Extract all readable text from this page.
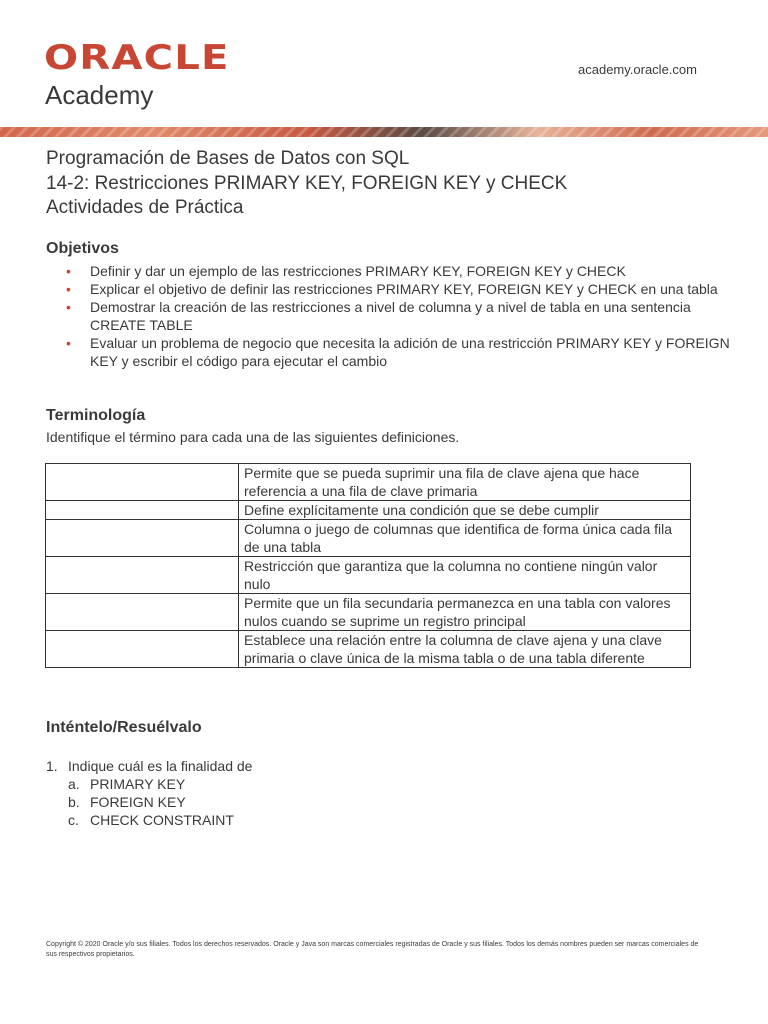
ORACLE
Academy
academy.oracle.com
Programación de Bases de Datos con SQL
14-2: Restricciones PRIMARY KEY, FOREIGN KEY y CHECK
Actividades de Práctica
Objetivos
• Definir y dar un ejemplo de las restricciones PRIMARY KEY, FOREIGN KEY y CHECK
• Explicar el objetivo de definir las restricciones PRIMARY KEY, FOREIGN KEY y CHECK en una tabla
• Demostrar la creación de las restricciones a nivel de columna y a nivel de tabla en una sentencia CREATE TABLE
• Evaluar un problema de negocio que necesita la adición de una restricción PRIMARY KEY y FOREIGN KEY y escribir el código para ejecutar el cambio
Terminología
Identifique el término para cada una de las siguientes definiciones.
	Permite que se pueda suprimir una fila de clave ajena que hace referencia a una fila de clave primaria
	Define explícitamente una condición que se debe cumplir
	Columna o juego de columnas que identifica de forma única cada fila de una tabla
	Restricción que garantiza que la columna no contiene ningún valor nulo
	Permite que un fila secundaria permanezca en una tabla con valores nulos cuando se suprime un registro principal
	Establece una relación entre la columna de clave ajena y una clave primaria o clave única de la misma tabla o de una tabla diferente
Inténtelo/Resuélvalo
1. Indique cuál es la finalidad de
a. PRIMARY KEY
b. FOREIGN KEY
c. CHECK CONSTRAINT
Copyright © 2020 Oracle y/o sus filiales. Todos los derechos reservados. Oracle y Java son marcas comerciales registradas de Oracle y sus filiales. Todos los demás nombres pueden ser marcas comerciales de sus respectivos propietarios.
